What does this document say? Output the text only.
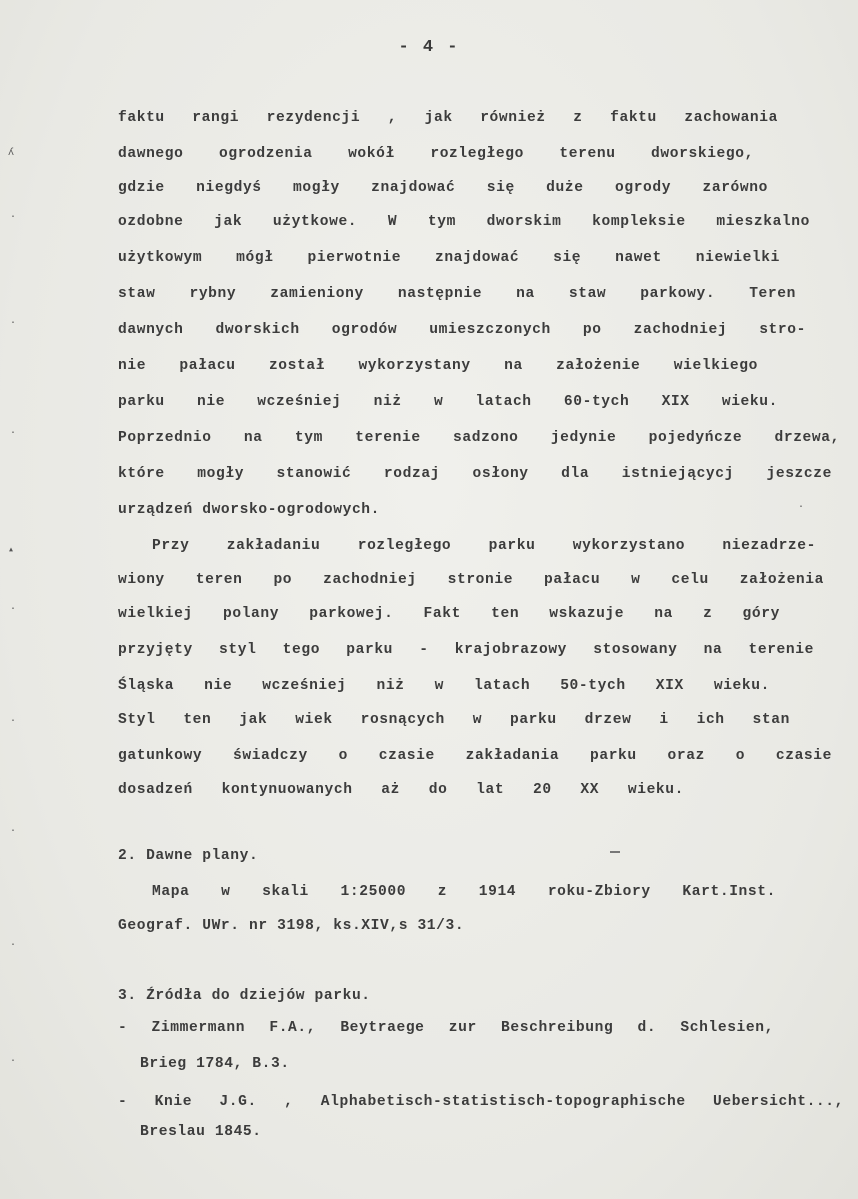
- 4 -
faktu rangi rezydencji , jak również z faktu zachowania
dawnego ogrodzenia wokół rozległego terenu dworskiego,
gdzie niegdyś mogły znajdować się duże ogrody zarówno
ozdobne jak użytkowe. W tym dworskim kompleksie mieszkalno
użytkowym mógł pierwotnie znajdować się nawet niewielki
staw rybny zamieniony następnie na staw parkowy. Teren
dawnych dworskich ogrodów umieszczonych po zachodniej stro-
nie pałacu został wykorzystany na założenie wielkiego
parku nie wcześniej niż w latach 60-tych XIX wieku.
Poprzednio na tym terenie sadzono jedynie pojedyńcze drzewa,
które mogły stanowić rodzaj osłony dla istniejącycj jeszcze
urządzeń dworsko-ogrodowych.
Przy zakładaniu rozległego parku wykorzystano niezadrze-
wiony teren po zachodniej stronie pałacu w celu założenia
wielkiej polany parkowej. Fakt ten wskazuje na z góry
przyjęty styl tego parku - krajobrazowy stosowany na terenie
Śląska nie wcześniej niż w latach 50-tych XIX wieku.
Styl ten jak wiek rosnących w parku drzew i ich stan
gatunkowy świadczy o czasie zakładania parku oraz o czasie
dosadzeń kontynuowanych aż do lat 20 XX wieku.
2. Dawne plany.
Mapa w skali 1:25000 z 1914 roku-Zbiory Kart.Inst.
Geograf. UWr. nr 3198, ks.XIV,s 31/3.
3. Źródła do dziejów parku.
- Zimmermann F.A., Beytraege zur Beschreibung d. Schlesien,
Brieg 1784, B.3.
- Knie J.G. , Alphabetisch-statistisch-topographische Uebersicht...,
Breslau 1845.
ʎ
·
·
·
▴
·
·
·
·
·
·
